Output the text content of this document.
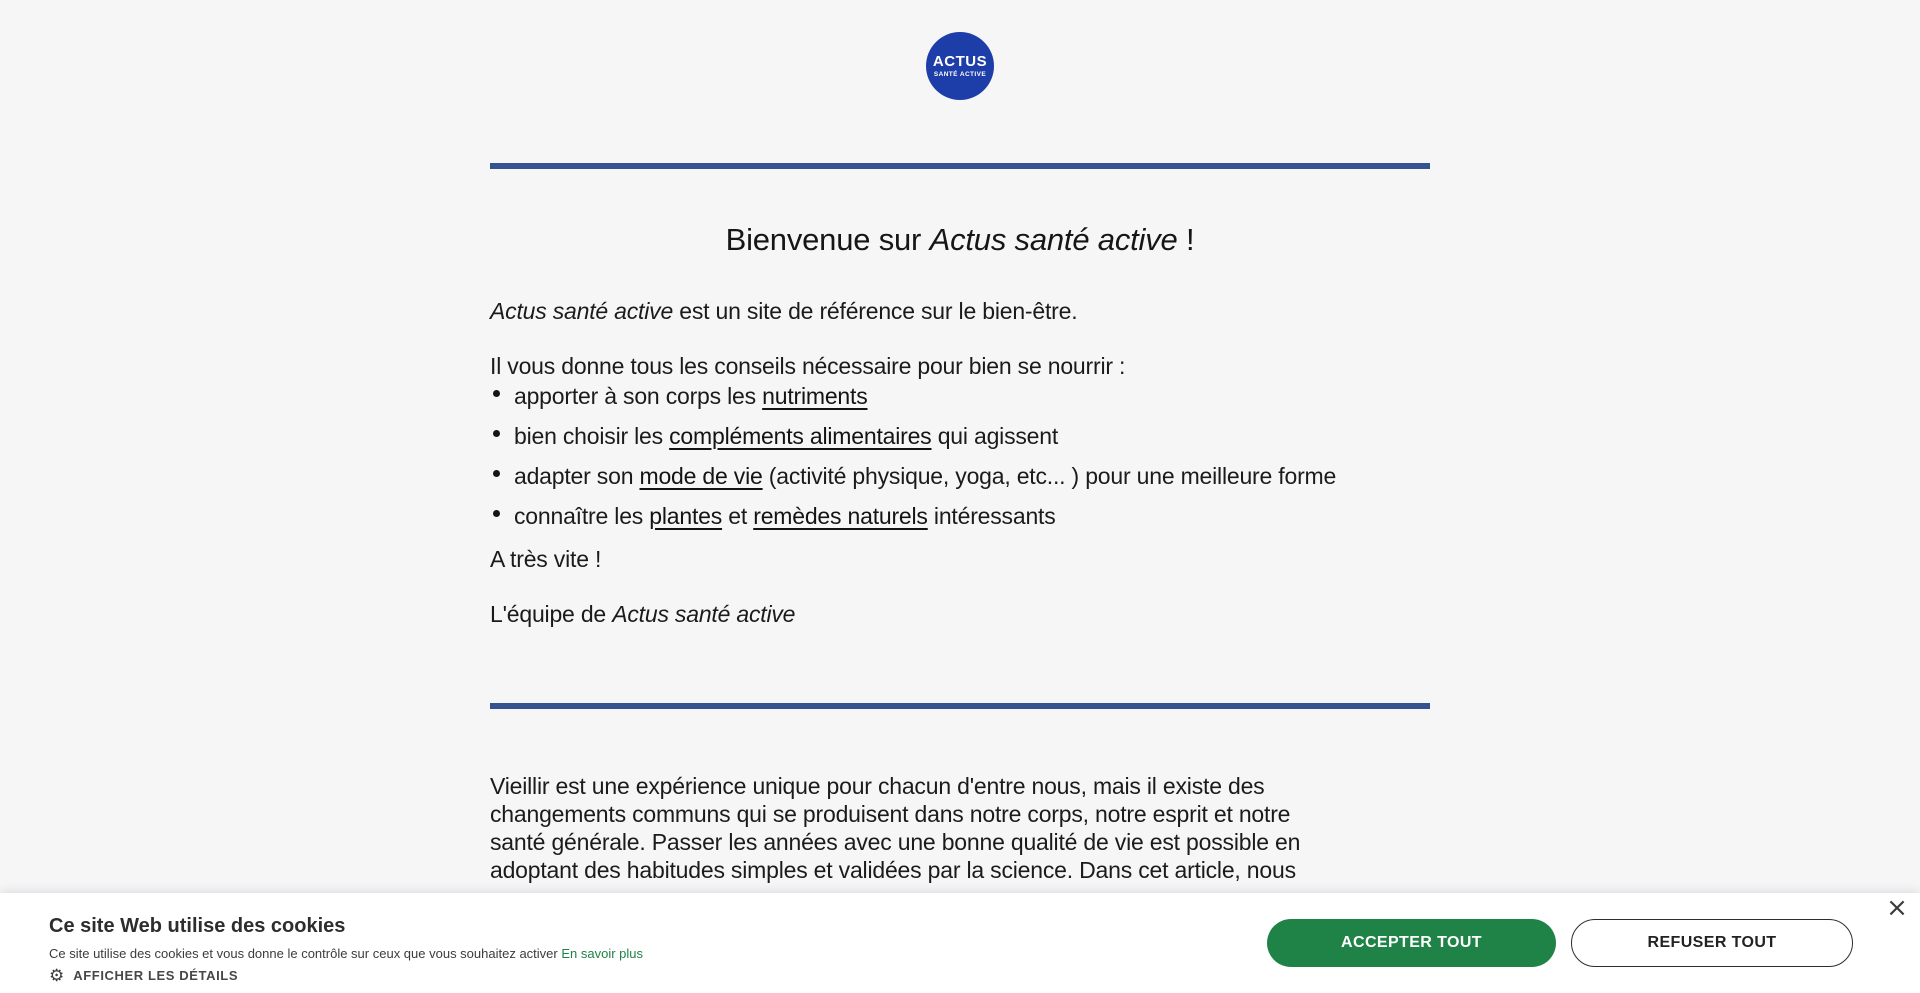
ACTUS
SANTÉ ACTIVE
Bienvenue sur Actus santé active !

Actus santé active est un site de référence sur le bien-être.

Il vous donne tous les conseils nécessaire pour bien se nourrir :

apporter à son corps les nutriments
bien choisir les compléments alimentaires qui agissent
adapter son mode de vie (activité physique, yoga, etc... ) pour une meilleure forme
connaître les plantes et remèdes naturels intéressants

A très vite !

L'équipe de Actus santé active

Vieillir est une expérience unique pour chacun d'entre nous, mais il existe des
changements communs qui se produisent dans notre corps, notre esprit et notre
santé générale. Passer les années avec une bonne qualité de vie est possible en
adoptant des habitudes simples et validées par la science. Dans cet article, nous

Ce site Web utilise des cookies
Ce site utilise des cookies et vous donne le contrôle sur ceux que vous souhaitez activer En savoir plus
⚙ AFFICHER LES DÉTAILS
ACCEPTER TOUT	REFUSER TOUT
×
